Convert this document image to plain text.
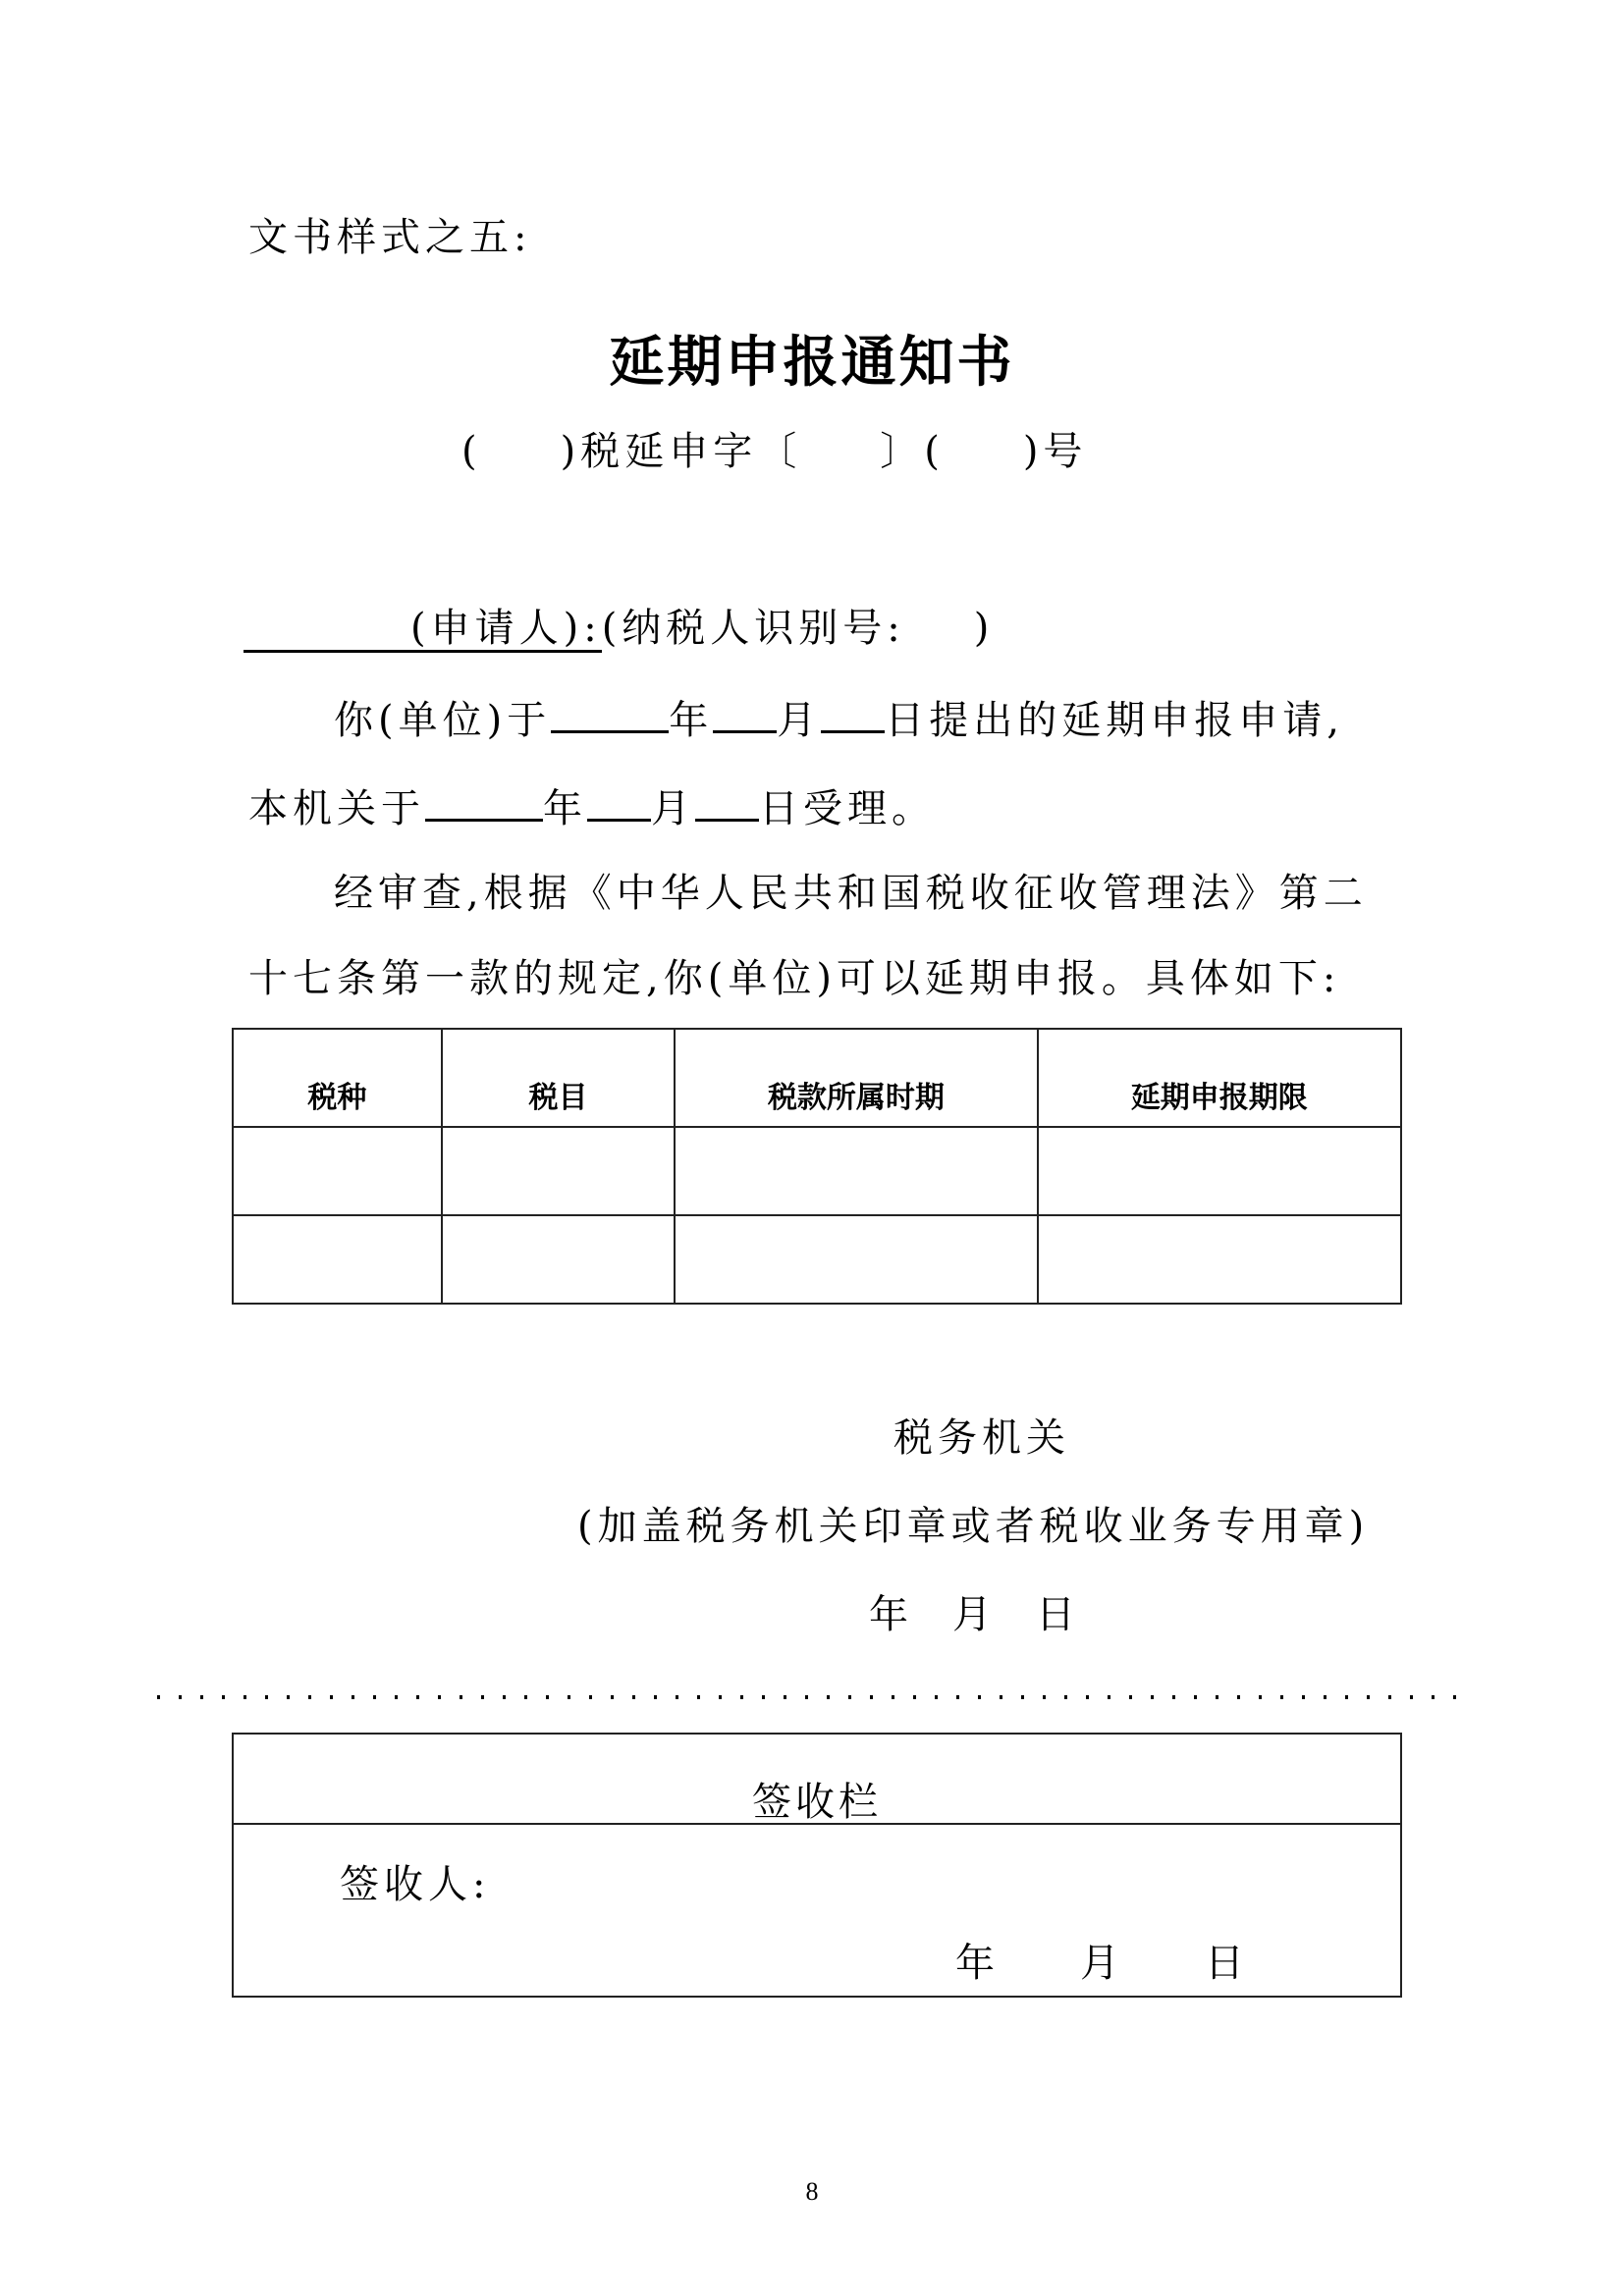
文书样式之五:
延期申报通知书
( )税延申字〔 〕( )号
(申请人):(纳税人识别号: )
你(单位)于	年 月 日提出的延期申报申请,
本机关于	年 月 日受理。
经审查,根据《中华人民共和国税收征收管理法》第二
十七条第一款的规定,你(单位)可以延期申报。具体如下:
税种	税目	税款所属时期	延期申报期限

税务机关
(加盖税务机关印章或者税收业务专用章)
年 月 日
签收栏
签收人:
年 月 日
8
